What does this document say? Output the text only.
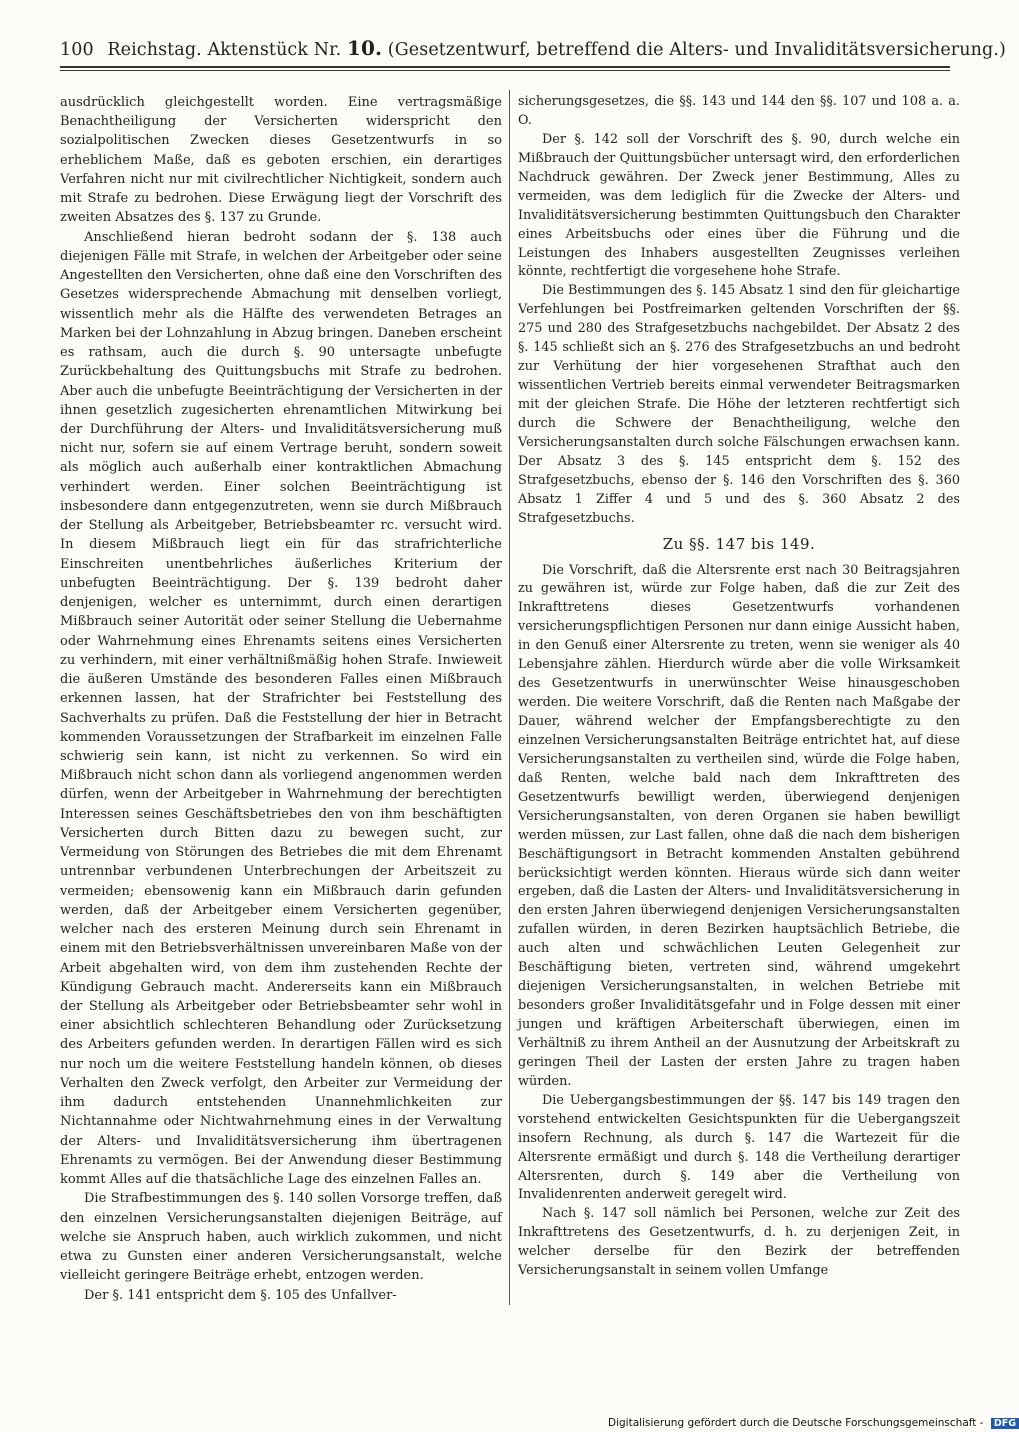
100 Reichstag. Aktenstück Nr. 10. (Gesetzentwurf, betreffend die Alters- und Invaliditätsversicherung.)

ausdrücklich gleichgestellt worden. Eine vertragsmäßige Benachtheiligung der Versicherten widerspricht den sozialpolitischen Zwecken dieses Gesetzentwurfs in so erheblichem Maße, daß es geboten erschien, ein derartiges Verfahren nicht nur mit civilrechtlicher Nichtigkeit, sondern auch mit Strafe zu bedrohen. Diese Erwägung liegt der Vorschrift des zweiten Absatzes des §. 137 zu Grunde.

Anschließend hieran bedroht sodann der §. 138 auch diejenigen Fälle mit Strafe, in welchen der Arbeitgeber oder seine Angestellten den Versicherten, ohne daß eine den Vorschriften des Gesetzes widersprechende Abmachung mit denselben vorliegt, wissentlich mehr als die Hälfte des verwendeten Betrages an Marken bei der Lohnzahlung in Abzug bringen. Daneben erscheint es rathsam, auch die durch §. 90 untersagte unbefugte Zurückbehaltung des Quittungsbuchs mit Strafe zu bedrohen. Aber auch die unbefugte Beeinträchtigung der Versicherten in der ihnen gesetzlich zugesicherten ehrenamtlichen Mitwirkung bei der Durchführung der Alters- und Invaliditätsversicherung muß nicht nur, sofern sie auf einem Vertrage beruht, sondern soweit als möglich auch außerhalb einer kontraktlichen Abmachung verhindert werden. Einer solchen Beeinträchtigung ist insbesondere dann entgegenzutreten, wenn sie durch Mißbrauch der Stellung als Arbeitgeber, Betriebsbeamter rc. versucht wird. In diesem Mißbrauch liegt ein für das strafrichterliche Einschreiten unentbehrliches äußerliches Kriterium der unbefugten Beeinträchtigung. Der §. 139 bedroht daher denjenigen, welcher es unternimmt, durch einen derartigen Mißbrauch seiner Autorität oder seiner Stellung die Uebernahme oder Wahrnehmung eines Ehrenamts seitens eines Versicherten zu verhindern, mit einer verhältnißmäßig hohen Strafe. Inwieweit die äußeren Umstände des besonderen Falles einen Mißbrauch erkennen lassen, hat der Strafrichter bei Feststellung des Sachverhalts zu prüfen. Daß die Feststellung der hier in Betracht kommenden Voraussetzungen der Strafbarkeit im einzelnen Falle schwierig sein kann, ist nicht zu verkennen. So wird ein Mißbrauch nicht schon dann als vorliegend angenommen werden dürfen, wenn der Arbeitgeber in Wahrnehmung der berechtigten Interessen seines Geschäftsbetriebes den von ihm beschäftigten Versicherten durch Bitten dazu zu bewegen sucht, zur Vermeidung von Störungen des Betriebes die mit dem Ehrenamt untrennbar verbundenen Unterbrechungen der Arbeitszeit zu vermeiden; ebensowenig kann ein Mißbrauch darin gefunden werden, daß der Arbeitgeber einem Versicherten gegenüber, welcher nach des ersteren Meinung durch sein Ehrenamt in einem mit den Betriebsverhältnissen unvereinbaren Maße von der Arbeit abgehalten wird, von dem ihm zustehenden Rechte der Kündigung Gebrauch macht. Andererseits kann ein Mißbrauch der Stellung als Arbeitgeber oder Betriebsbeamter sehr wohl in einer absichtlich schlechteren Behandlung oder Zurücksetzung des Arbeiters gefunden werden. In derartigen Fällen wird es sich nur noch um die weitere Feststellung handeln können, ob dieses Verhalten den Zweck verfolgt, den Arbeiter zur Vermeidung der ihm dadurch entstehenden Unannehmlichkeiten zur Nichtannahme oder Nichtwahrnehmung eines in der Verwaltung der Alters- und Invaliditätsversicherung ihm übertragenen Ehrenamts zu vermögen. Bei der Anwendung dieser Bestimmung kommt Alles auf die thatsächliche Lage des einzelnen Falles an.

Die Strafbestimmungen des §. 140 sollen Vorsorge treffen, daß den einzelnen Versicherungsanstalten diejenigen Beiträge, auf welche sie Anspruch haben, auch wirklich zukommen, und nicht etwa zu Gunsten einer anderen Versicherungsanstalt, welche vielleicht geringere Beiträge erhebt, entzogen werden.

Der §. 141 entspricht dem §. 105 des Unfallver-

sicherungsgesetzes, die §§. 143 und 144 den §§. 107 und 108 a. a. O.

Der §. 142 soll der Vorschrift des §. 90, durch welche ein Mißbrauch der Quittungsbücher untersagt wird, den erforderlichen Nachdruck gewähren. Der Zweck jener Bestimmung, Alles zu vermeiden, was dem lediglich für die Zwecke der Alters- und Invaliditätsversicherung bestimmten Quittungsbuch den Charakter eines Arbeitsbuchs oder eines über die Führung und die Leistungen des Inhabers ausgestellten Zeugnisses verleihen könnte, rechtfertigt die vorgesehene hohe Strafe.

Die Bestimmungen des §. 145 Absatz 1 sind den für gleichartige Verfehlungen bei Postfreimarken geltenden Vorschriften der §§. 275 und 280 des Strafgesetzbuchs nachgebildet. Der Absatz 2 des §. 145 schließt sich an §. 276 des Strafgesetzbuchs an und bedroht zur Verhütung der hier vorgesehenen Strafthat auch den wissentlichen Vertrieb bereits einmal verwendeter Beitragsmarken mit der gleichen Strafe. Die Höhe der letzteren rechtfertigt sich durch die Schwere der Benachtheiligung, welche den Versicherungsanstalten durch solche Fälschungen erwachsen kann. Der Absatz 3 des §. 145 entspricht dem §. 152 des Strafgesetzbuchs, ebenso der §. 146 den Vorschriften des §. 360 Absatz 1 Ziffer 4 und 5 und des §. 360 Absatz 2 des Strafgesetzbuchs.

Zu §§. 147 bis 149.

Die Vorschrift, daß die Altersrente erst nach 30 Beitragsjahren zu gewähren ist, würde zur Folge haben, daß die zur Zeit des Inkrafttretens dieses Gesetzentwurfs vorhandenen versicherungspflichtigen Personen nur dann einige Aussicht haben, in den Genuß einer Altersrente zu treten, wenn sie weniger als 40 Lebensjahre zählen. Hierdurch würde aber die volle Wirksamkeit des Gesetzentwurfs in unerwünschter Weise hinausgeschoben werden. Die weitere Vorschrift, daß die Renten nach Maßgabe der Dauer, während welcher der Empfangsberechtigte zu den einzelnen Versicherungsanstalten Beiträge entrichtet hat, auf diese Versicherungsanstalten zu vertheilen sind, würde die Folge haben, daß Renten, welche bald nach dem Inkrafttreten des Gesetzentwurfs bewilligt werden, überwiegend denjenigen Versicherungsanstalten, von deren Organen sie haben bewilligt werden müssen, zur Last fallen, ohne daß die nach dem bisherigen Beschäftigungsort in Betracht kommenden Anstalten gebührend berücksichtigt werden könnten. Hieraus würde sich dann weiter ergeben, daß die Lasten der Alters- und Invaliditätsversicherung in den ersten Jahren überwiegend denjenigen Versicherungsanstalten zufallen würden, in deren Bezirken hauptsächlich Betriebe, die auch alten und schwächlichen Leuten Gelegenheit zur Beschäftigung bieten, vertreten sind, während umgekehrt diejenigen Versicherungsanstalten, in welchen Betriebe mit besonders großer Invaliditätsgefahr und in Folge dessen mit einer jungen und kräftigen Arbeiterschaft überwiegen, einen im Verhältniß zu ihrem Antheil an der Ausnutzung der Arbeitskraft zu geringen Theil der Lasten der ersten Jahre zu tragen haben würden.

Die Uebergangsbestimmungen der §§. 147 bis 149 tragen den vorstehend entwickelten Gesichtspunkten für die Uebergangszeit insofern Rechnung, als durch §. 147 die Wartezeit für die Altersrente ermäßigt und durch §. 148 die Vertheilung derartiger Altersrenten, durch §. 149 aber die Vertheilung von Invalidenrenten anderweit geregelt wird.

Nach §. 147 soll nämlich bei Personen, welche zur Zeit des Inkrafttretens des Gesetzentwurfs, d. h. zu derjenigen Zeit, in welcher derselbe für den Bezirk der betreffenden Versicherungsanstalt in seinem vollen Umfange

Digitalisierung gefördert durch die Deutsche Forschungsgemeinschaft - DFG
